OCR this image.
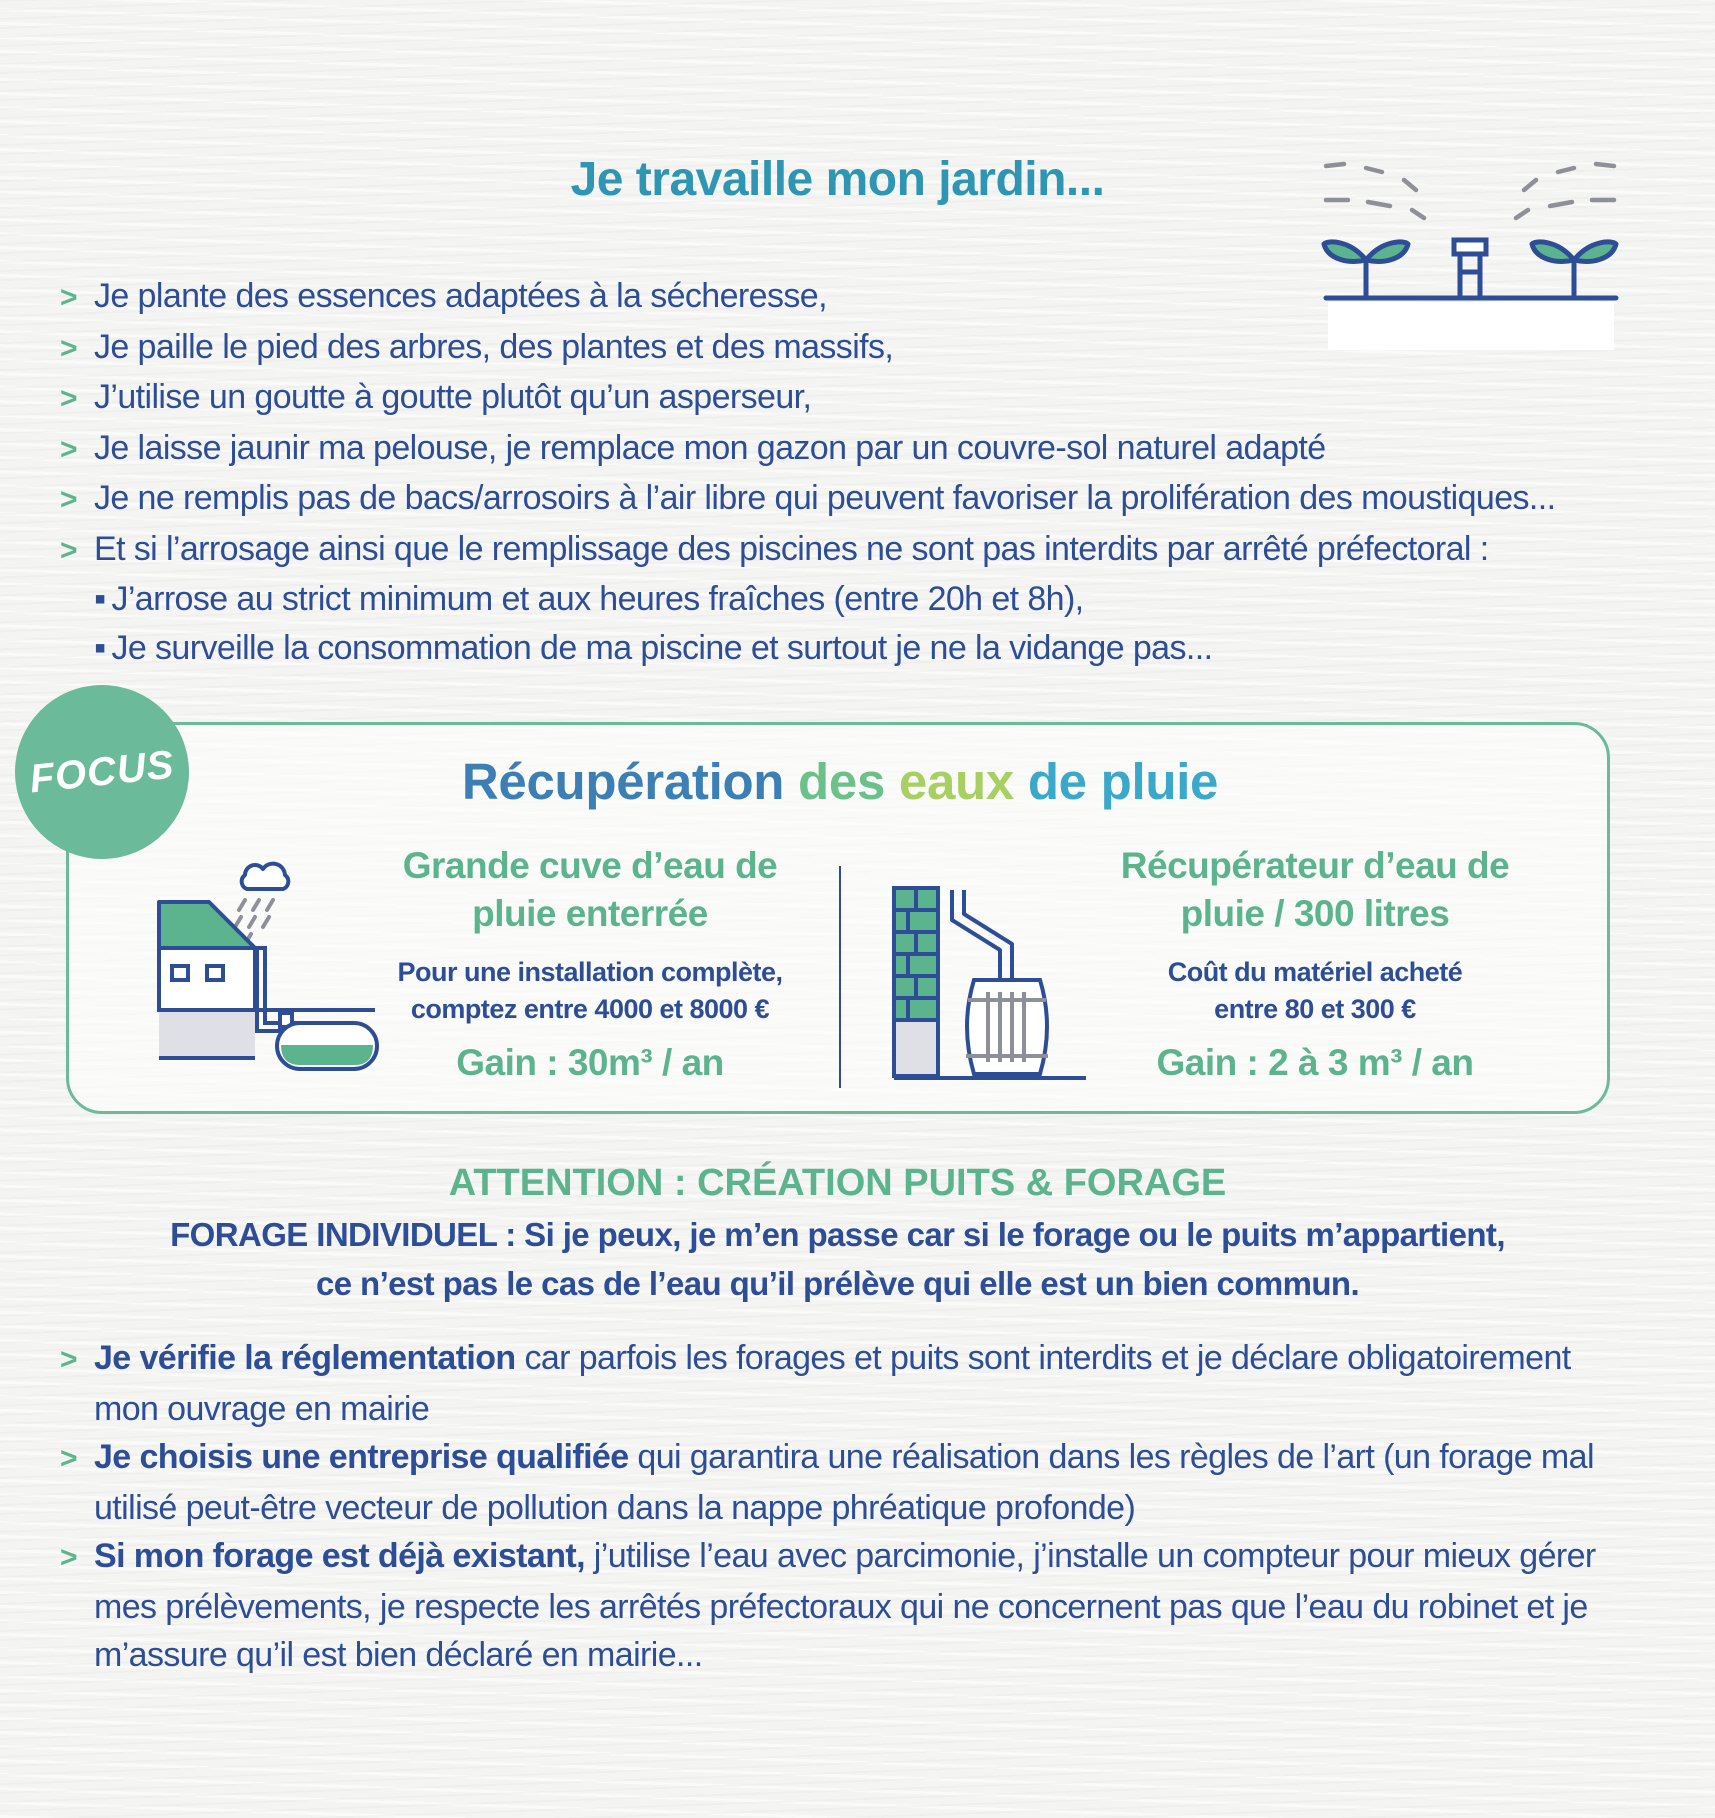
Je travaille mon jardin...
> Je plante des essences adaptées à la sécheresse,
> Je paille le pied des arbres, des plantes et des massifs,
> J’utilise un goutte à goutte plutôt qu’un asperseur,
> Je laisse jaunir ma pelouse, je remplace mon gazon par un couvre-sol naturel adapté
> Je ne remplis pas de bacs/arrosoirs à l’air libre qui peuvent favoriser la prolifération des moustiques...
> Et si l’arrosage ainsi que le remplissage des piscines ne sont pas interdits par arrêté préfectoral :
▪ J’arrose au strict minimum et aux heures fraîches (entre 20h et 8h),
▪ Je surveille la consommation de ma piscine et surtout je ne la vidange pas...
FOCUS	Récupération des eaux de pluie
Grande cuve d’eau de
pluie enterrée
Pour une installation complète,
comptez entre 4000 et 8000 €
Gain : 30m³ / an
Récupérateur d’eau de
pluie / 300 litres
Coût du matériel acheté
entre 80 et 300 €
Gain : 2 à 3 m³ / an
ATTENTION : CRÉATION PUITS & FORAGE
FORAGE INDIVIDUEL : Si je peux, je m’en passe car si le forage ou le puits m’appartient,
ce n’est pas le cas de l’eau qu’il prélève qui elle est un bien commun.
> Je vérifie la réglementation car parfois les forages et puits sont interdits et je déclare obligatoirement mon ouvrage en mairie
> Je choisis une entreprise qualifiée qui garantira une réalisation dans les règles de l’art (un forage mal utilisé peut-être vecteur de pollution dans la nappe phréatique profonde)
> Si mon forage est déjà existant, j’utilise l’eau avec parcimonie, j’installe un compteur pour mieux gérer mes prélèvements, je respecte les arrêtés préfectoraux qui ne concernent pas que l’eau du robinet et je m’assure qu’il est bien déclaré en mairie...
